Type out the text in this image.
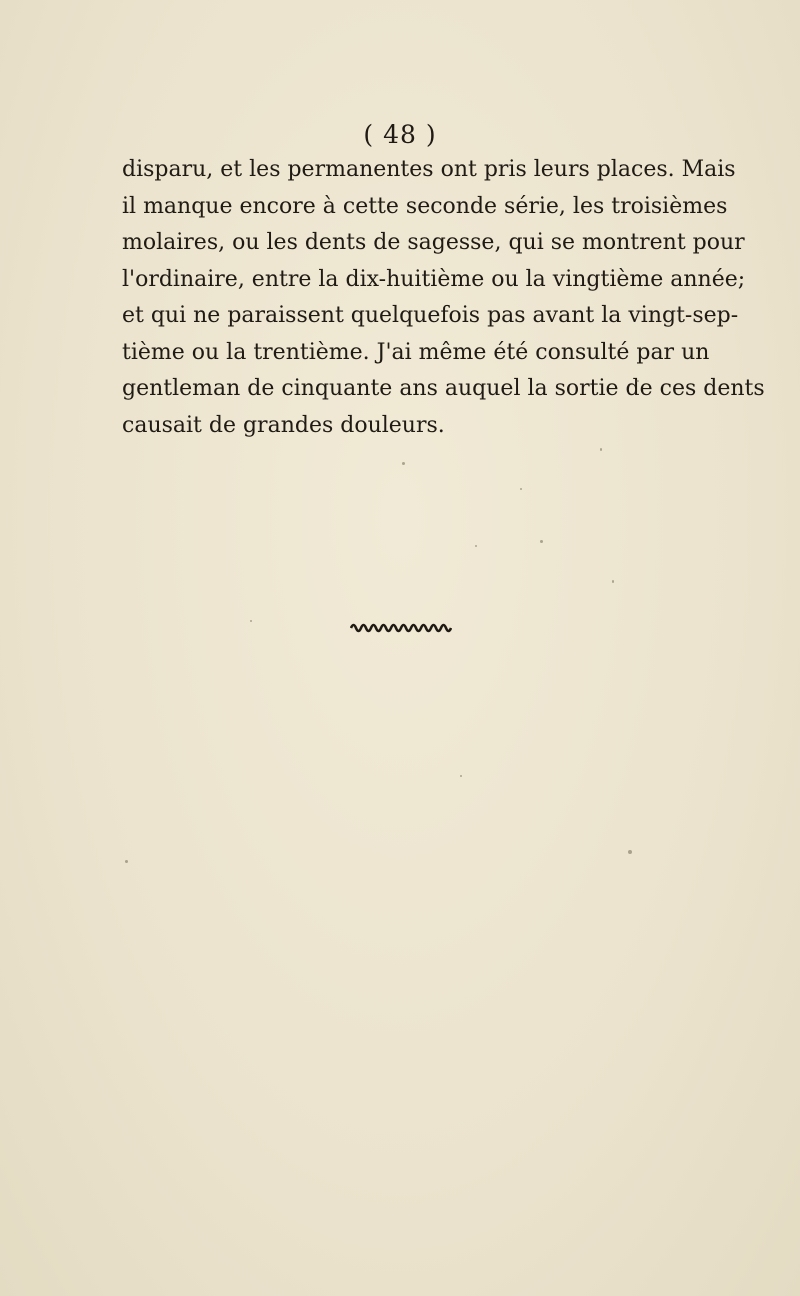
( 48 )
disparu, et les permanentes ont pris leurs places. Mais
il manque encore à cette seconde série, les troisièmes
molaires, ou les dents de sagesse, qui se montrent pour
l'ordinaire, entre la dix-huitième ou la vingtième année;
et qui ne paraissent quelquefois pas avant la vingt-sep-
tième ou la trentième. J'ai même été consulté par un
gentleman de cinquante ans auquel la sortie de ces dents
causait de grandes douleurs.
